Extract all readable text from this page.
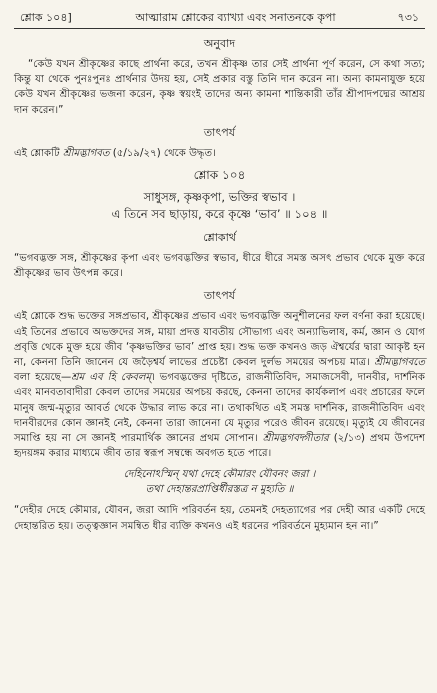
শ্লোক ১০৪]	আত্মারাম শ্লোকের ব্যাখ্যা এবং সনাতনকে কৃপা	৭৩১
অনুবাদ

“কেউ যখন শ্রীকৃষ্ণের কাছে প্রার্থনা করে, তখন শ্রীকৃষ্ণ তার সেই প্রার্থনা পূর্ণ করেন, সে কথা সত্য; কিন্তু যা থেকে পুনঃপুনঃ প্রার্থনার উদয় হয়, সেই প্রকার বস্তু তিনি দান করেন না। অন্য কামনাযুক্ত হয়ে কেউ যখন শ্রীকৃষ্ণের ভজনা করেন, কৃষ্ণ স্বয়ংই তাদের অন্য কামনা শান্তিকারী তাঁর শ্রীপাদপদ্মের আশ্রয় দান করেন।”

তাৎপর্য

এই শ্লোকটি শ্রীমদ্ভাগবত (৫/১৯/২৭) থেকে উদ্ধৃত।

শ্লোক ১০৪

সাধুসঙ্গ, কৃষ্ণকৃপা, ভক্তির স্বভাব ।

এ তিনে সব ছাড়ায়, করে কৃষ্ণে ‘ভাব’ ॥ ১০৪ ॥

শ্লোকার্থ

“ভগবদ্ভক্ত সঙ্গ, শ্রীকৃষ্ণের কৃপা এবং ভগবদ্ভক্তির স্বভাব, ধীরে ধীরে সমস্ত অসৎ প্রভাব থেকে মুক্ত করে শ্রীকৃষ্ণের ভাব উৎপন্ন করে।

তাৎপর্য

এই শ্লোকে শুদ্ধ ভক্তের সঙ্গপ্রভাব, শ্রীকৃষ্ণের প্রভাব এবং ভগবদ্ভক্তি অনুশীলনের ফল বর্ণনা করা হয়েছে। এই তিনের প্রভাবে অভক্তদের সঙ্গ, মায়া প্রদত্ত যাবতীয় সৌভাগ্য এবং অন্যাভিলাষ, কর্ম, জ্ঞান ও যোগ প্রবৃত্তি থেকে মুক্ত হয়ে জীব ‘কৃষ্ণভক্তির ভাব’ প্রাপ্ত হয়। শুদ্ধ ভক্ত কখনও জড় ঐশ্বর্যের দ্বারা আকৃষ্ট হন না, কেননা তিনি জানেন যে জড়ৈশ্বর্য লাভের প্রচেষ্টা কেবল দুর্লভ সময়ের অপচয় মাত্র। শ্রীমদ্ভাগবতে বলা হয়েছে—শ্রম এব হি কেবলম্‌। ভগবদ্ভক্তের দৃষ্টিতে, রাজনীতিবিদ, সমাজসেবী, দানবীর, দার্শনিক এবং মানবতাবাদীরা কেবল তাদের সময়ের অপচয় করছে, কেননা তাদের কার্যকলাপ এবং প্রচারের ফলে মানুষ জন্ম-মৃত্যুর আবর্ত থেকে উদ্ধার লাভ করে না। তথাকথিত এই সমস্ত দার্শনিক, রাজনীতিবিদ এবং দানবীরদের কোন জ্ঞানই নেই, কেননা তারা জানেনা যে মৃত্যুর পরেও জীবন রয়েছে। মৃত্যুই যে জীবনের সমাপ্তি হয় না সে জ্ঞানই পারমার্থিক জ্ঞানের প্রথম সোপান। শ্রীমদ্ভগবদ্গীতার (২/১৩) প্রথম উপদেশ হৃদয়ঙ্গম করার মাধ্যমে জীব তার স্বরূপ সম্বন্ধে অবগত হতে পারে।

দেহিনোঽস্মিন্‌ যথা দেহে কৌমারং যৌবনং জরা ।
তথা দেহান্তরপ্রাপ্তির্ধীরস্তত্র ন মুহ্যতি ॥

“দেহীর দেহে কৌমার, যৌবন, জরা আদি পরিবর্তন হয়, তেমনই দেহত্যাগের পর দেহী আর একটি দেহে দেহান্তরিত হয়। তত্ত্বজ্ঞান সমন্বিত ধীর ব্যক্তি কখনও এই ধরনের পরিবর্তনে মুহ্যমান হন না।”
